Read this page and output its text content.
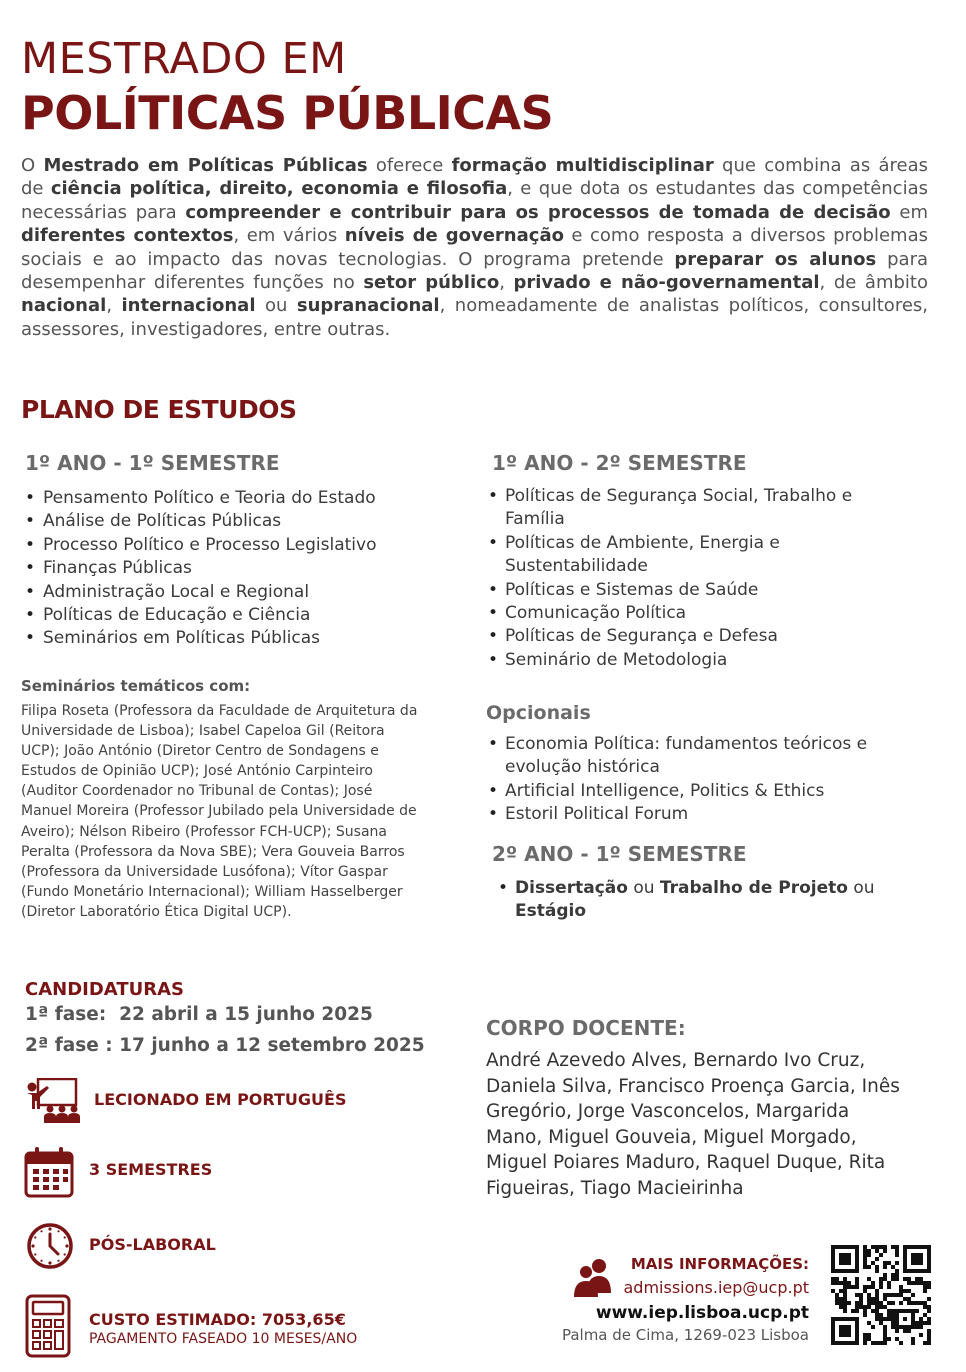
MESTRADO EM
POLÍTICAS PÚBLICAS
O Mestrado em Políticas Públicas oferece formação multidisciplinar que combina as áreas de ciência política, direito, economia e filosofia, e que dota os estudantes das competências necessárias para compreender e contribuir para os processos de tomada de decisão em diferentes contextos, em vários níveis de governação e como resposta a diversos problemas sociais e ao impacto das novas tecnologias. O programa pretende preparar os alunos para desempenhar diferentes funções no setor público, privado e não-governamental, de âmbito nacional, internacional ou supranacional, nomeadamente de analistas políticos, consultores, assessores, investigadores, entre outras.
PLANO DE ESTUDOS
1º ANO - 1º SEMESTRE
• Pensamento Político e Teoria do Estado
• Análise de Políticas Públicas
• Processo Político e Processo Legislativo
• Finanças Públicas
• Administração Local e Regional
• Políticas de Educação e Ciência
• Seminários em Políticas Públicas
1º ANO - 2º SEMESTRE
• Políticas de Segurança Social, Trabalho e Família
• Políticas de Ambiente, Energia e Sustentabilidade
• Políticas e Sistemas de Saúde
• Comunicação Política
• Políticas de Segurança e Defesa
• Seminário de Metodologia
Seminários temáticos com:
Filipa Roseta (Professora da Faculdade de Arquitetura da Universidade de Lisboa); Isabel Capeloa Gil (Reitora UCP); João António (Diretor Centro de Sondagens e Estudos de Opinião UCP); José António Carpinteiro (Auditor Coordenador no Tribunal de Contas); José Manuel Moreira (Professor Jubilado pela Universidade de Aveiro); Nélson Ribeiro (Professor FCH-UCP); Susana Peralta (Professora da Nova SBE); Vera Gouveia Barros (Professora da Universidade Lusófona); Vítor Gaspar (Fundo Monetário Internacional); William Hasselberger (Diretor Laboratório Ética Digital UCP).
Opcionais
• Economia Política: fundamentos teóricos e evolução histórica
• Artificial Intelligence, Politics & Ethics
• Estoril Political Forum
2º ANO - 1º SEMESTRE
• Dissertação ou Trabalho de Projeto ou Estágio
CANDIDATURAS
1ª fase: 22 abril a 15 junho 2025
2ª fase : 17 junho a 12 setembro 2025
LECIONADO EM PORTUGUÊS
3 SEMESTRES
PÓS-LABORAL
CUSTO ESTIMADO: 7053,65€
PAGAMENTO FASEADO 10 MESES/ANO
CORPO DOCENTE:
André Azevedo Alves, Bernardo Ivo Cruz, Daniela Silva, Francisco Proença Garcia, Inês Gregório, Jorge Vasconcelos, Margarida Mano, Miguel Gouveia, Miguel Morgado, Miguel Poiares Maduro, Raquel Duque, Rita Figueiras, Tiago Macieirinha
MAIS INFORMAÇÕES:
admissions.iep@ucp.pt
www.iep.lisboa.ucp.pt
Palma de Cima, 1269-023 Lisboa
